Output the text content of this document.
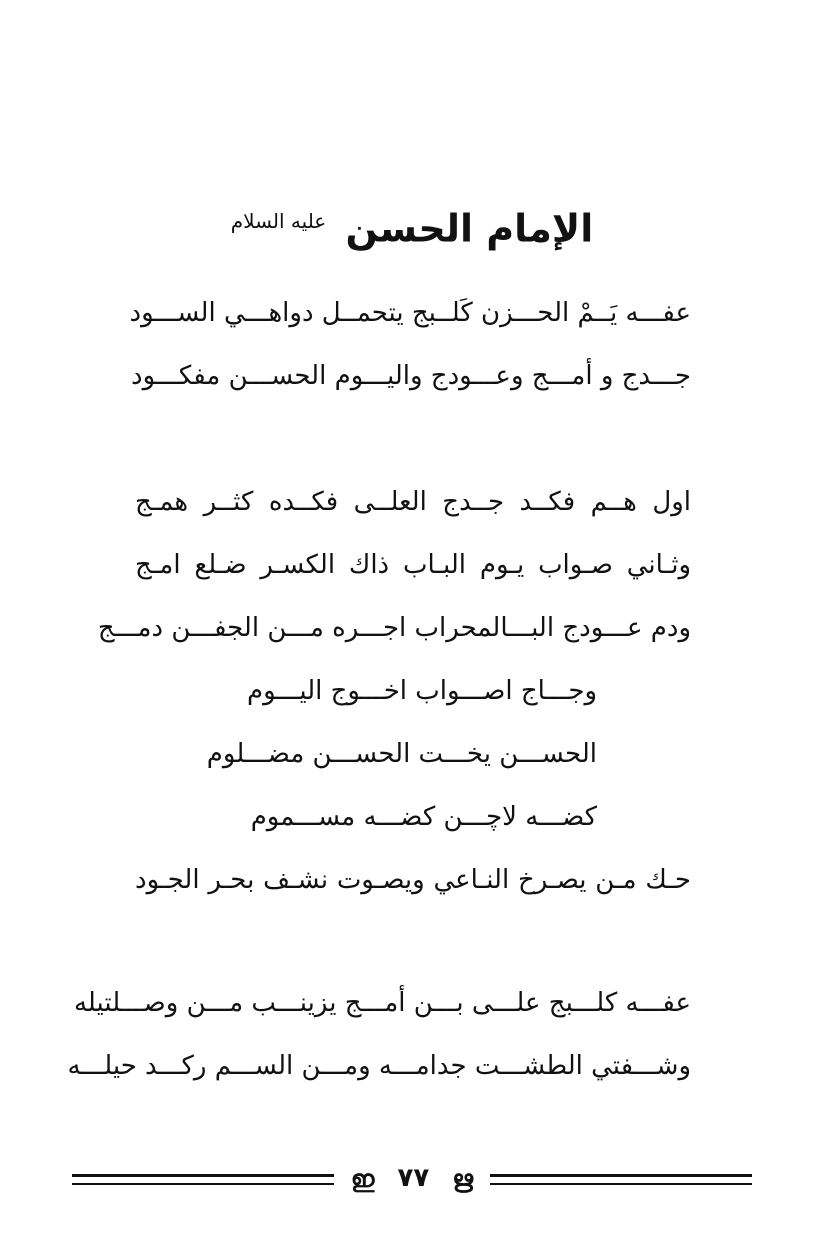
الإمام الحسن $^{عليه السلام}$
عفـــه يَــمْ الحـــزن كَلــبج يتحمــل دواهـــي الســـود
جـــدج و أمـــج وعـــودج واليـــوم الحســـن مفكـــود
اول هــم فكــد جــدج العلــى فكــده كثــر همـج
وثـاني صـواب يـوم البـاب ذاك الكسـر ضـلع امـج
ودم عـــودج البـــالمحراب اجـــره مـــن الجفـــن دمـــج
وجـــاج اصـــواب اخـــوج اليـــوم
الحســـن يخـــت الحســـن مضـــلوم
كضـــه لاچـــن كضـــه مســـموم
حـك مـن يصـرخ النـاعي ويصـوت نشـف بحـر الجـود
عفـــه كلـــبج علـــى بـــن أمـــج يزينـــب مـــن وصـــلتيله
وشـــفتي الطشـــت جدامـــه ومـــن الســـم ركـــد حيلـــه
ഇ ٧٧ ഋ
